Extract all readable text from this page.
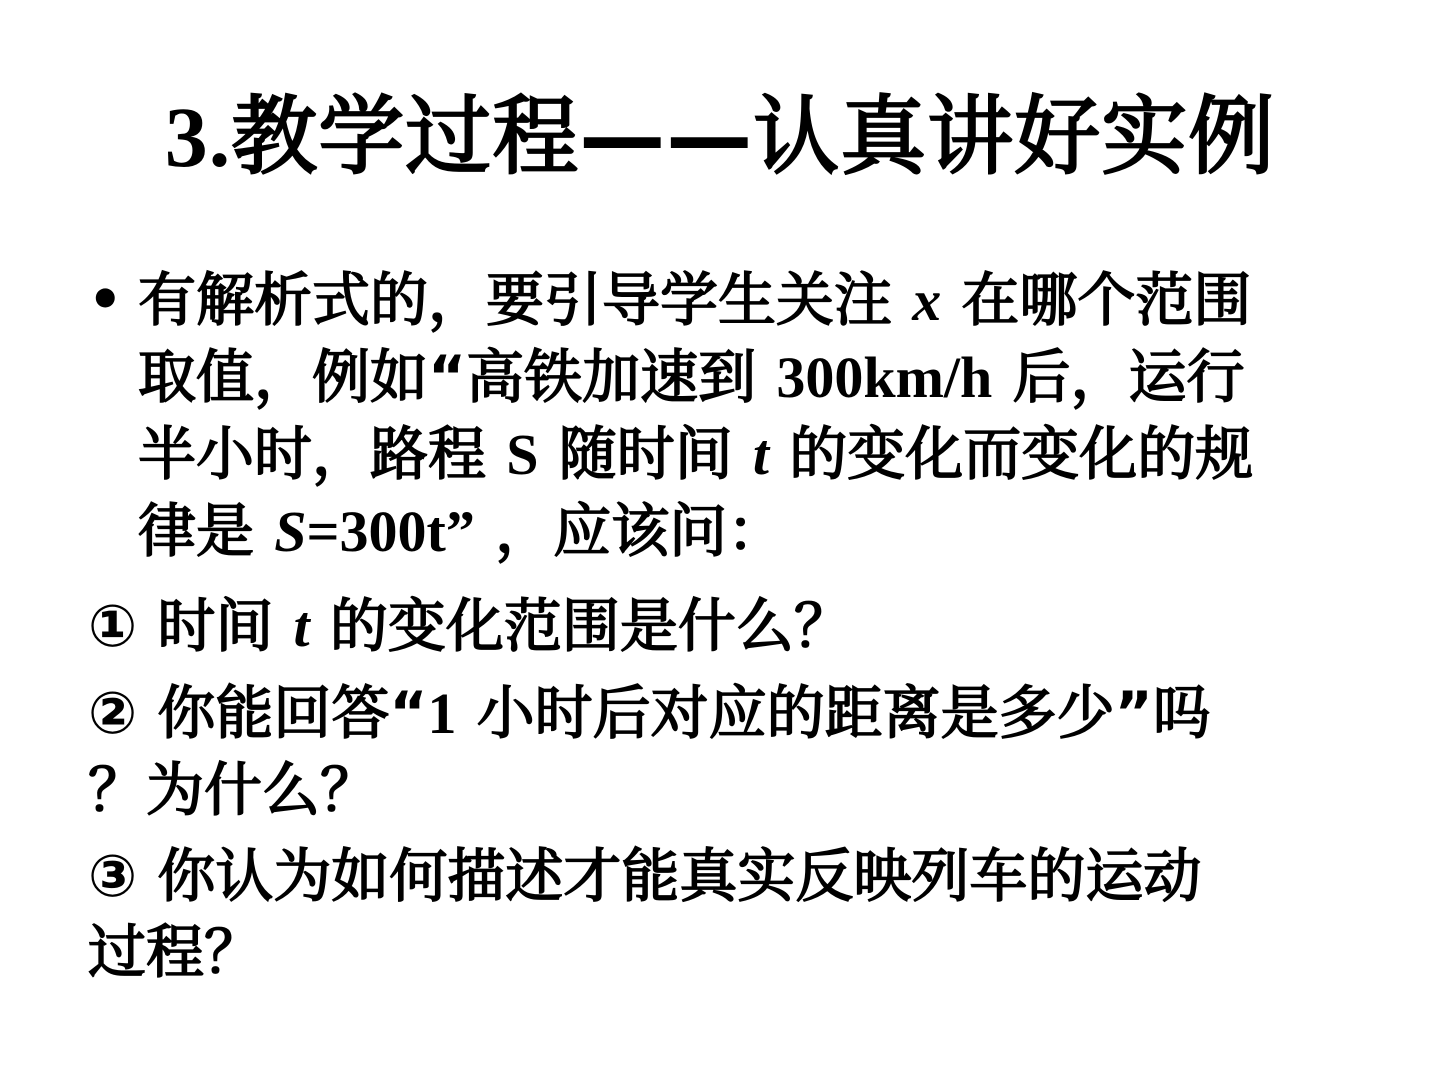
3.教学过程——认真讲好实例
• 有解析式的，要引导学生关注 x 在哪个范围
取值，例如“高铁加速到 300km/h 后，运行
半小时，路程 S 随时间 t 的变化而变化的规
律是 S=300t” ，应该问：
① 时间 t 的变化范围是什么？
② 你能回答“1 小时后对应的距离是多少”吗
？为什么？
③ 你认为如何描述才能真实反映列车的运动
过程？
